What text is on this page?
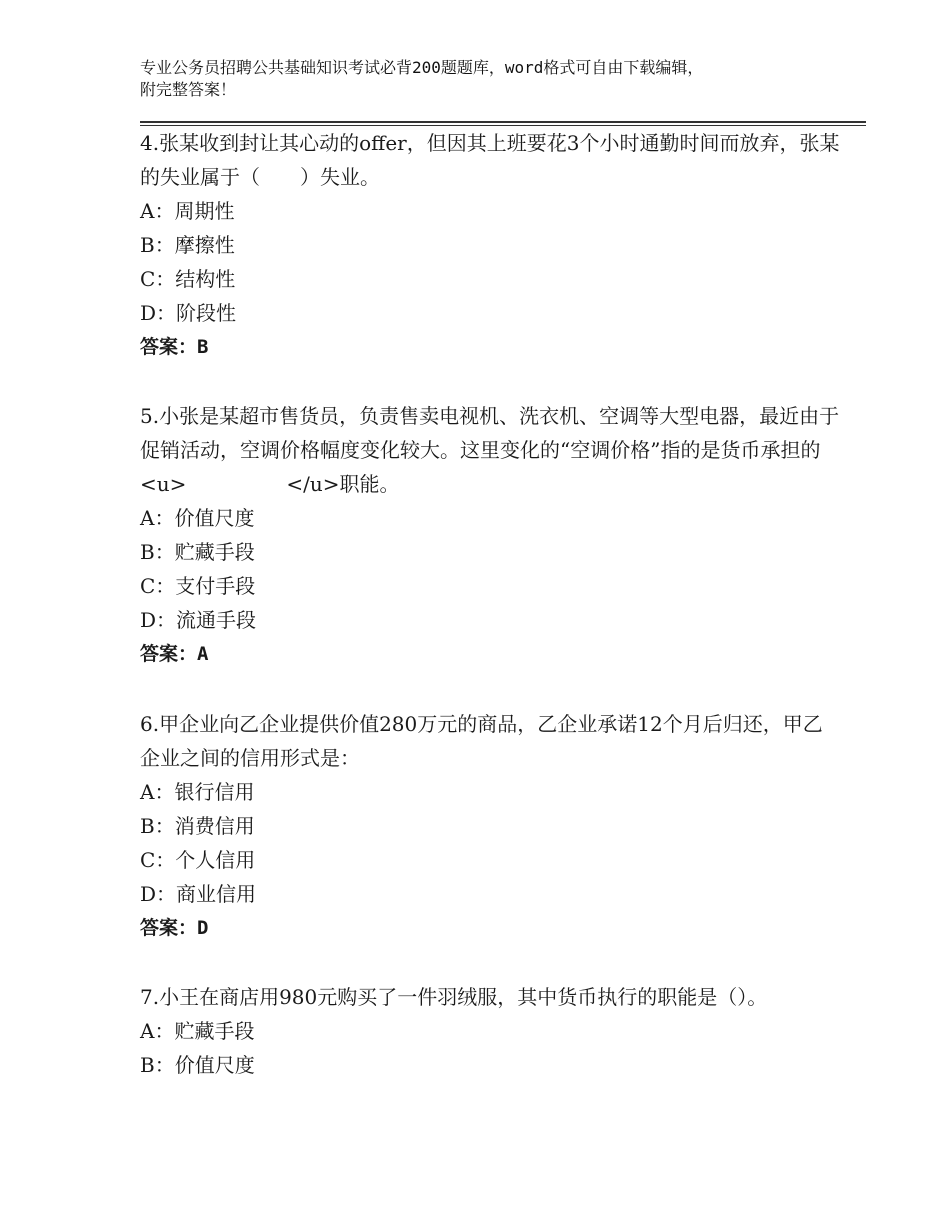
专业公务员招聘公共基础知识考试必背200题题库，word格式可自由下载编辑，
附完整答案！
4.张某收到封让其心动的offer，但因其上班要花3个小时通勤时间而放弃，张某的失业属于（　　）失业。
A：周期性
B：摩擦性
C：结构性
D：阶段性
答案：B
5.小张是某超市售货员，负责售卖电视机、洗衣机、空调等大型电器，最近由于促销活动，空调价格幅度变化较大。这里变化的“空调价格”指的是货币承担的<u>　　　　　</u>职能。
A：价值尺度
B：贮藏手段
C：支付手段
D：流通手段
答案：A
6.甲企业向乙企业提供价值280万元的商品，乙企业承诺12个月后归还，甲乙企业之间的信用形式是：
A：银行信用
B：消费信用
C：个人信用
D：商业信用
答案：D
7.小王在商店用980元购买了一件羽绒服，其中货币执行的职能是（）。
A：贮藏手段
B：价值尺度
